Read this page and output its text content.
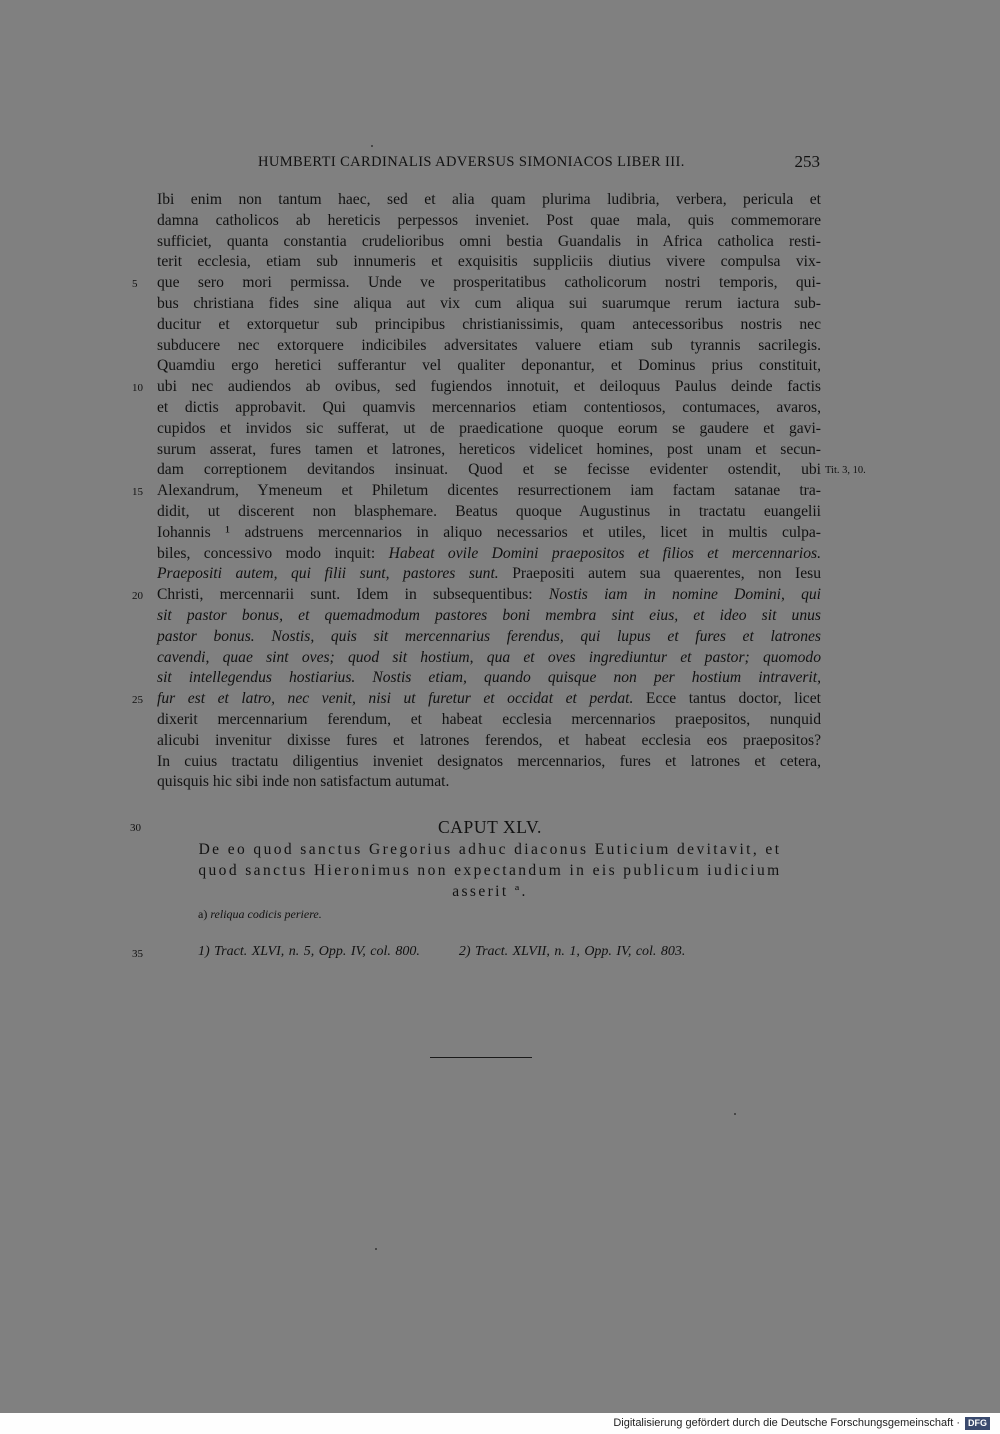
HUMBERTI CARDINALIS ADVERSUS SIMONIACOS LIBER III.	253
Ibi enim non tantum haec, sed et alia quam plurima ludibria, verbera, pericula et
damna catholicos ab hereticis perpessos inveniet. Post quae mala, quis commemorare
sufficiet, quanta constantia crudelioribus omni bestia Guandalis in Africa catholica resti-
terit ecclesia, etiam sub innumeris et exquisitis suppliciis diutius vivere compulsa vix-
5	que sero mori permissa. Unde ve prosperitatibus catholicorum nostri temporis, qui-
bus christiana fides sine aliqua aut vix cum aliqua sui suarumque rerum iactura sub-
ducitur et extorquetur sub principibus christianissimis, quam antecessoribus nostris nec
subducere nec extorquere indicibiles adversitates valuere etiam sub tyrannis sacrilegis.
Quamdiu ergo heretici sufferantur vel qualiter deponantur, et Dominus prius constituit,
10 ubi nec audiendos ab ovibus, sed fugiendos innotuit, et deiloquus Paulus deinde factis
et dictis approbavit. Qui quamvis mercennarios etiam contentiosos, contumaces, avaros,
cupidos et invidos sic sufferat, ut de praedicatione quoque eorum se gaudere et gavi-
surum asserat, fures tamen et latrones, hereticos videlicet homines, post unam et secun-
dam correptionem devitandos insinuat. Quod et se fecisse evidenter ostendit, ubi Tit. 3, 10.
15 Alexandrum, Ymeneum et Philetum dicentes resurrectionem iam factam satanae tra-
didit, ut discerent non blasphemare. Beatus quoque Augustinus in tractatu euangelii
Iohannis ¹ adstruens mercennarios in aliquo necessarios et utiles, licet in multis culpa-
biles, concessivo modo inquit: Habeat ovile Domini praepositos et filios et mercennarios.
Praepositi autem, qui filii sunt, pastores sunt. Praepositi autem sua quaerentes, non Iesu
20 Christi, mercennarii sunt. Idem in subsequentibus: Nostis iam in nomine Domini, qui
sit pastor bonus, et quemadmodum pastores boni membra sint eius, et ideo sit unus
pastor bonus. Nostis, quis sit mercennarius ferendus, qui lupus et fures et latrones
cavendi, quae sint oves; quod sit hostium, qua et oves ingrediuntur et pastor; quomodo
sit intellegendus hostiarius. Nostis etiam, quando quisque non per hostium intraverit,
25 fur est et latro, nec venit, nisi ut furetur et occidat et perdat. Ecce tantus doctor, licet
dixerit mercennarium ferendum, et habeat ecclesia mercennarios praepositos, nunquid
alicubi invenitur dixisse fures et latrones ferendos, et habeat ecclesia eos praepositos?
In cuius tractatu diligentius inveniet designatos mercennarios, fures et latrones et cetera,
quisquis hic sibi inde non satisfactum autumat.
30	CAPUT XLV.
De eo quod sanctus Gregorius adhuc diaconus Euticium devitavit, et
quod sanctus Hieronimus non expectandum in eis publicum iudicium
asserit ª.
a) reliqua codicis periere.
35	1) Tract. XLVI, n. 5, Opp. IV, col. 800.	2) Tract. XLVII, n. 1, Opp. IV, col. 803.
Digitalisierung gefördert durch die Deutsche Forschungsgemeinschaft · DFG
